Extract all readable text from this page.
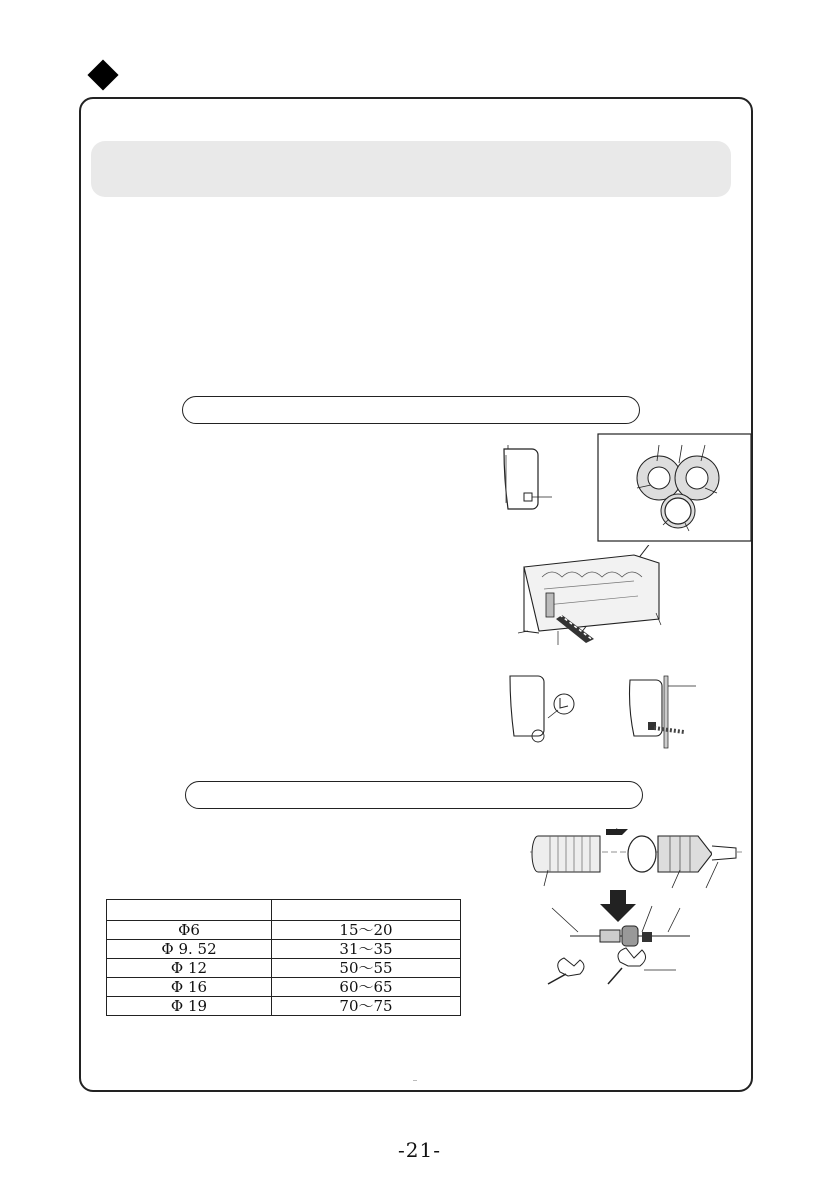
Φ6	15～20
Φ 9. 52	31～35
Φ 12	50～55
Φ 16	60～65
Φ 19	70～75
-21-
